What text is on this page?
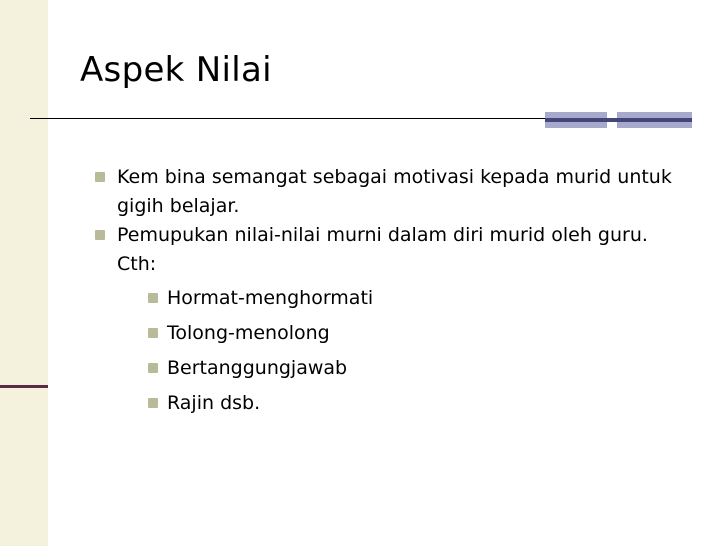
Aspek Nilai
Kem bina semangat sebagai motivasi kepada murid untuk gigih belajar.
Pemupukan nilai-nilai murni dalam diri murid oleh guru. Cth:
Hormat-menghormati
Tolong-menolong
Bertanggungjawab
Rajin dsb.
